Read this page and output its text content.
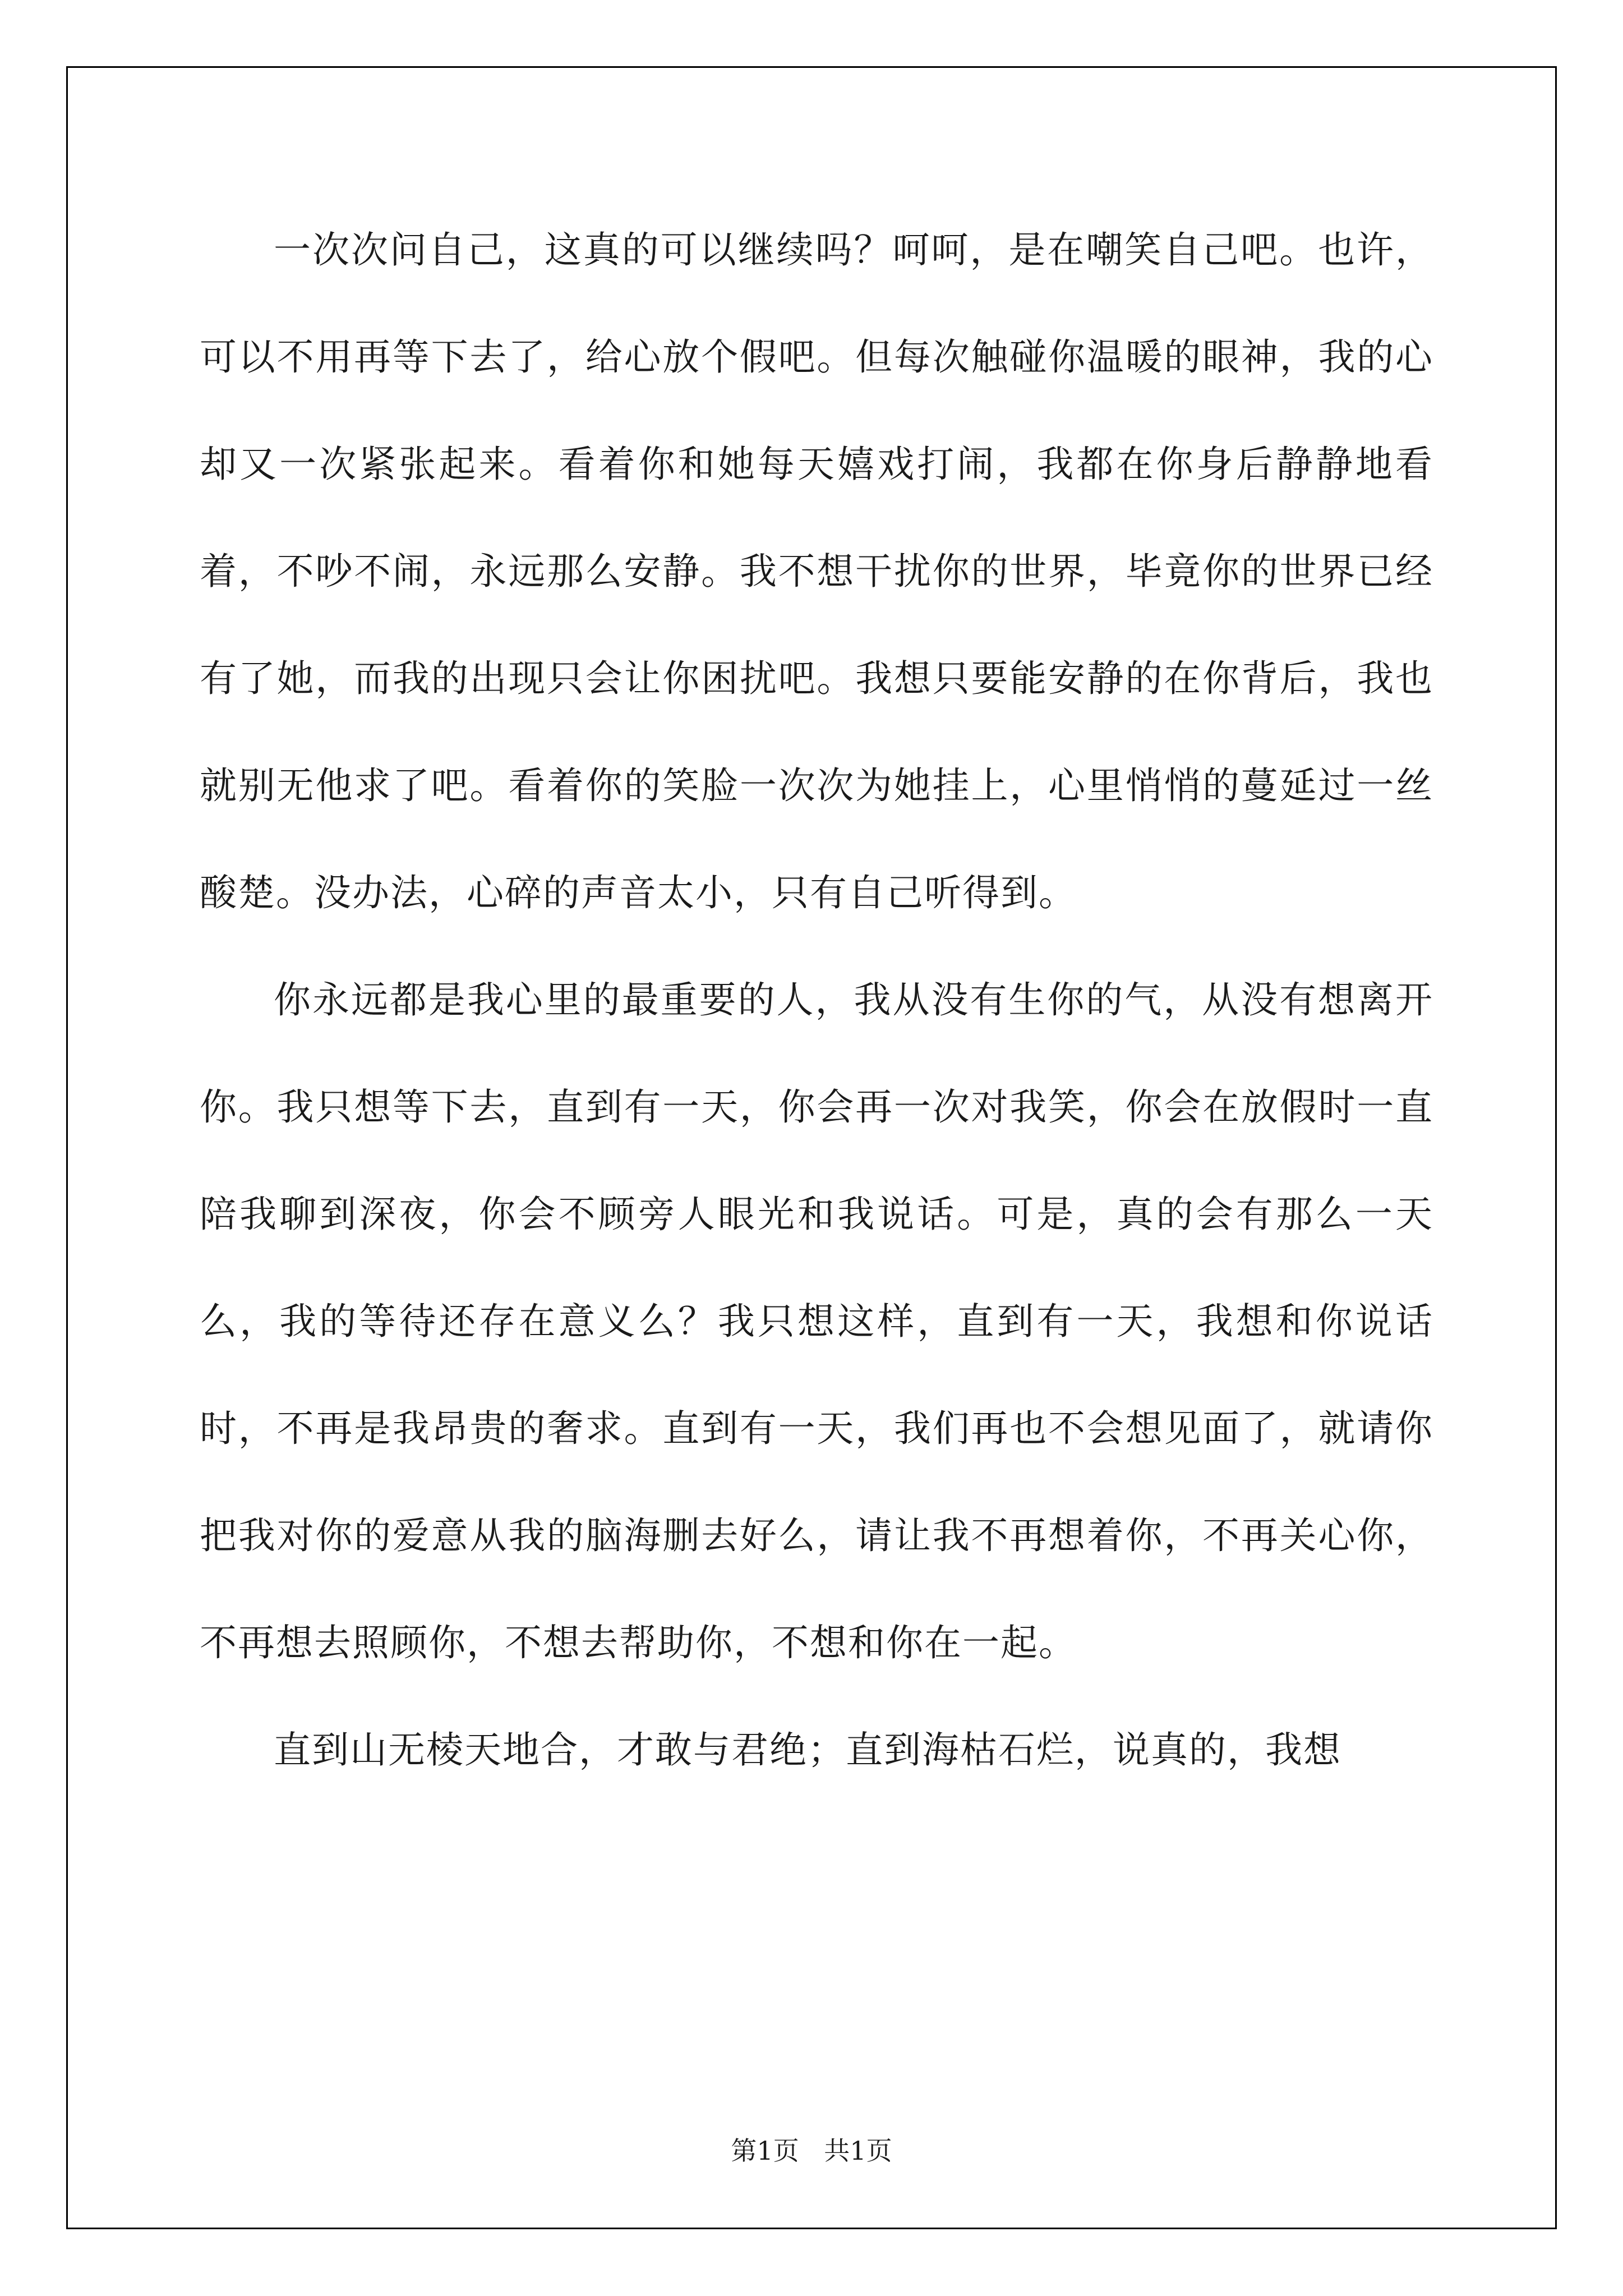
一次次问自己，这真的可以继续吗？呵呵，是在嘲笑自己吧。也许，可以不用再等下去了，给心放个假吧。但每次触碰你温暖的眼神，我的心却又一次紧张起来。看着你和她每天嬉戏打闹，我都在你身后静静地看着，不吵不闹，永远那么安静。我不想干扰你的世界，毕竟你的世界已经有了她，而我的出现只会让你困扰吧。我想只要能安静的在你背后，我也就别无他求了吧。看着你的笑脸一次次为她挂上，心里悄悄的蔓延过一丝酸楚。没办法，心碎的声音太小，只有自己听得到。

你永远都是我心里的最重要的人，我从没有生你的气，从没有想离开你。我只想等下去，直到有一天，你会再一次对我笑，你会在放假时一直陪我聊到深夜，你会不顾旁人眼光和我说话。可是，真的会有那么一天么，我的等待还存在意义么？我只想这样，直到有一天，我想和你说话时，不再是我昂贵的奢求。直到有一天，我们再也不会想见面了，就请你把我对你的爱意从我的脑海删去好么，请让我不再想着你，不再关心你，不再想去照顾你，不想去帮助你，不想和你在一起。

直到山无棱天地合，才敢与君绝；直到海枯石烂，说真的，我想

第1页 共1页
